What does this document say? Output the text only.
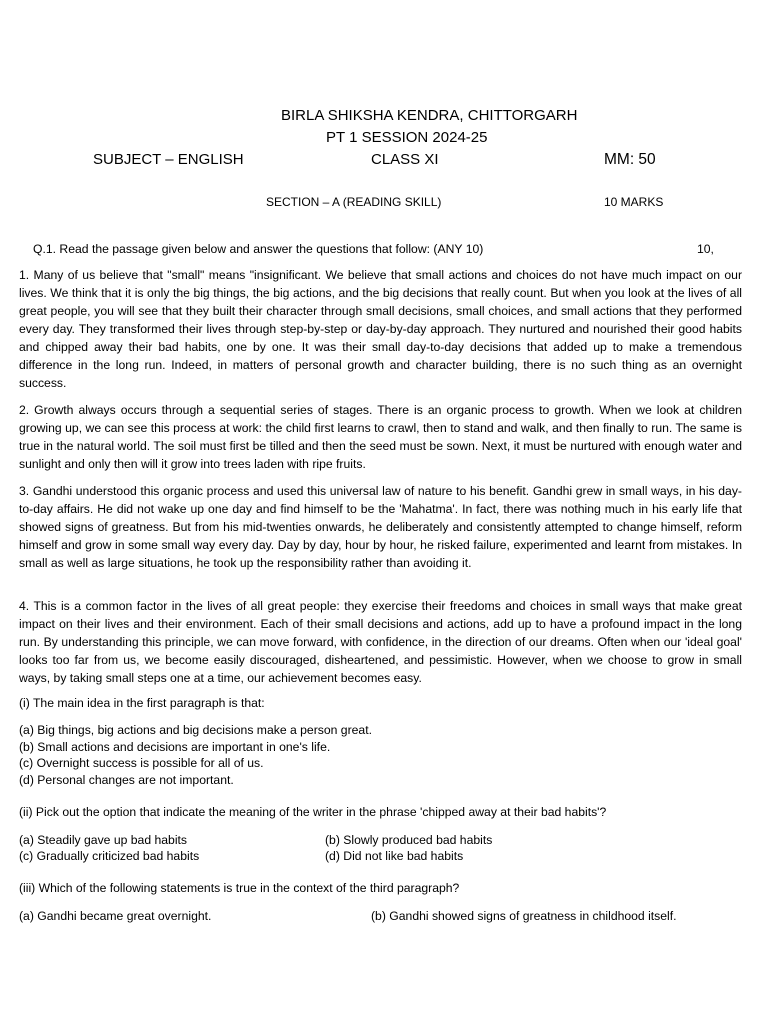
BIRLA SHIKSHA KENDRA, CHITTORGARH
PT 1 SESSION 2024-25
SUBJECT – ENGLISH	CLASS XI	MM: 50
SECTION – A (READING SKILL)	10 MARKS
Q.1. Read the passage given below and answer the questions that follow: (ANY 10)	10,

1. Many of us believe that "small" means "insignificant. We believe that small actions and choices do not have much impact on our lives. We think that it is only the big things, the big actions, and the big decisions that really count. But when you look at the lives of all great people, you will see that they built their character through small decisions, small choices, and small actions that they performed every day. They transformed their lives through step-by-step or day-by-day approach. They nurtured and nourished their good habits and chipped away their bad habits, one by one. It was their small day-to-day decisions that added up to make a tremendous difference in the long run. Indeed, in matters of personal growth and character building, there is no such thing as an overnight success.

2. Growth always occurs through a sequential series of stages. There is an organic process to growth. When we look at children growing up, we can see this process at work: the child first learns to crawl, then to stand and walk, and then finally to run. The same is true in the natural world. The soil must first be tilled and then the seed must be sown. Next, it must be nurtured with enough water and sunlight and only then will it grow into trees laden with ripe fruits.

3. Gandhi understood this organic process and used this universal law of nature to his benefit. Gandhi grew in small ways, in his day-to-day affairs. He did not wake up one day and find himself to be the 'Mahatma'. In fact, there was nothing much in his early life that showed signs of greatness. But from his mid-twenties onwards, he deliberately and consistently attempted to change himself, reform himself and grow in some small way every day. Day by day, hour by hour, he risked failure, experimented and learnt from mistakes. In small as well as large situations, he took up the responsibility rather than avoiding it.

4. This is a common factor in the lives of all great people: they exercise their freedoms and choices in small ways that make great impact on their lives and their environment. Each of their small decisions and actions, add up to have a profound impact in the long run. By understanding this principle, we can move forward, with confidence, in the direction of our dreams. Often when our 'ideal goal' looks too far from us, we become easily discouraged, disheartened, and pessimistic. However, when we choose to grow in small ways, by taking small steps one at a time, our achievement becomes easy.

(i) The main idea in the first paragraph is that:

(a) Big things, big actions and big decisions make a person great.

(b) Small actions and decisions are important in one's life.

(c) Overnight success is possible for all of us.

(d) Personal changes are not important.

(ii) Pick out the option that indicate the meaning of the writer in the phrase 'chipped away at their bad habits'?

(a) Steadily gave up bad habits	(b) Slowly produced bad habits

(c) Gradually criticized bad habits	(d) Did not like bad habits

(iii) Which of the following statements is true in the context of the third paragraph?

(a) Gandhi became great overnight.	(b) Gandhi showed signs of greatness in childhood itself.
